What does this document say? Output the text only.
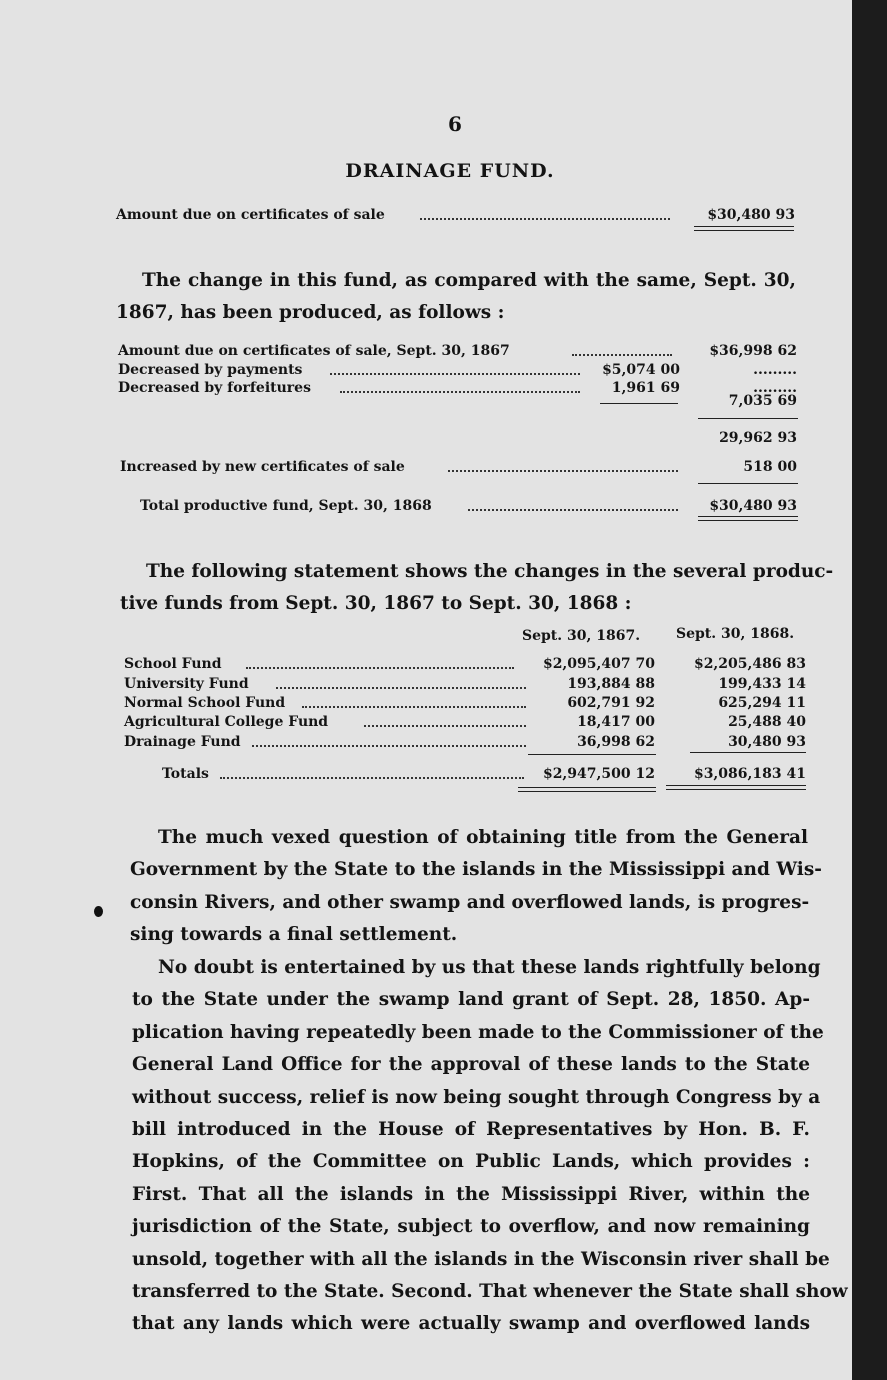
6
DRAINAGE FUND.
Amount due on certificates of sale	$30,480 93
The change in this fund, as compared with the same, Sept. 30,
1867, has been produced, as follows :
Amount due on certificates of sale, Sept. 30, 1867	$36,998 62
Decreased by payments	$5,074 00	.........
Decreased by forfeitures	1,961 69	.........
7,035 69
29,962 93
Increased by new certificates of sale	518 00
Total productive fund, Sept. 30, 1868	$30,480 93
The following statement shows the changes in the several produc-
tive funds from Sept. 30, 1867 to Sept. 30, 1868 :
Sept. 30, 1867.	Sept. 30, 1868.
School Fund	$2,095,407 70	$2,205,486 83
University Fund	193,884 88	199,433 14
Normal School Fund	602,791 92	625,294 11
Agricultural College Fund	18,417 00	25,488 40
Drainage Fund	36,998 62	30,480 93
Totals	$2,947,500 12	$3,086,183 41
The much vexed question of obtaining title from the General
Government by the State to the islands in the Mississippi and Wis-
consin Rivers, and other swamp and overflowed lands, is progres-
sing towards a final settlement.
No doubt is entertained by us that these lands rightfully belong
to the State under the swamp land grant of Sept. 28, 1850. Ap-
plication having repeatedly been made to the Commissioner of the
General Land Office for the approval of these lands to the State
without success, relief is now being sought through Congress by a
bill introduced in the House of Representatives by Hon. B. F.
Hopkins, of the Committee on Public Lands, which provides :
First. That all the islands in the Mississippi River, within the
jurisdiction of the State, subject to overflow, and now remaining
unsold, together with all the islands in the Wisconsin river shall be
transferred to the State. Second. That whenever the State shall show
that any lands which were actually swamp and overflowed lands
